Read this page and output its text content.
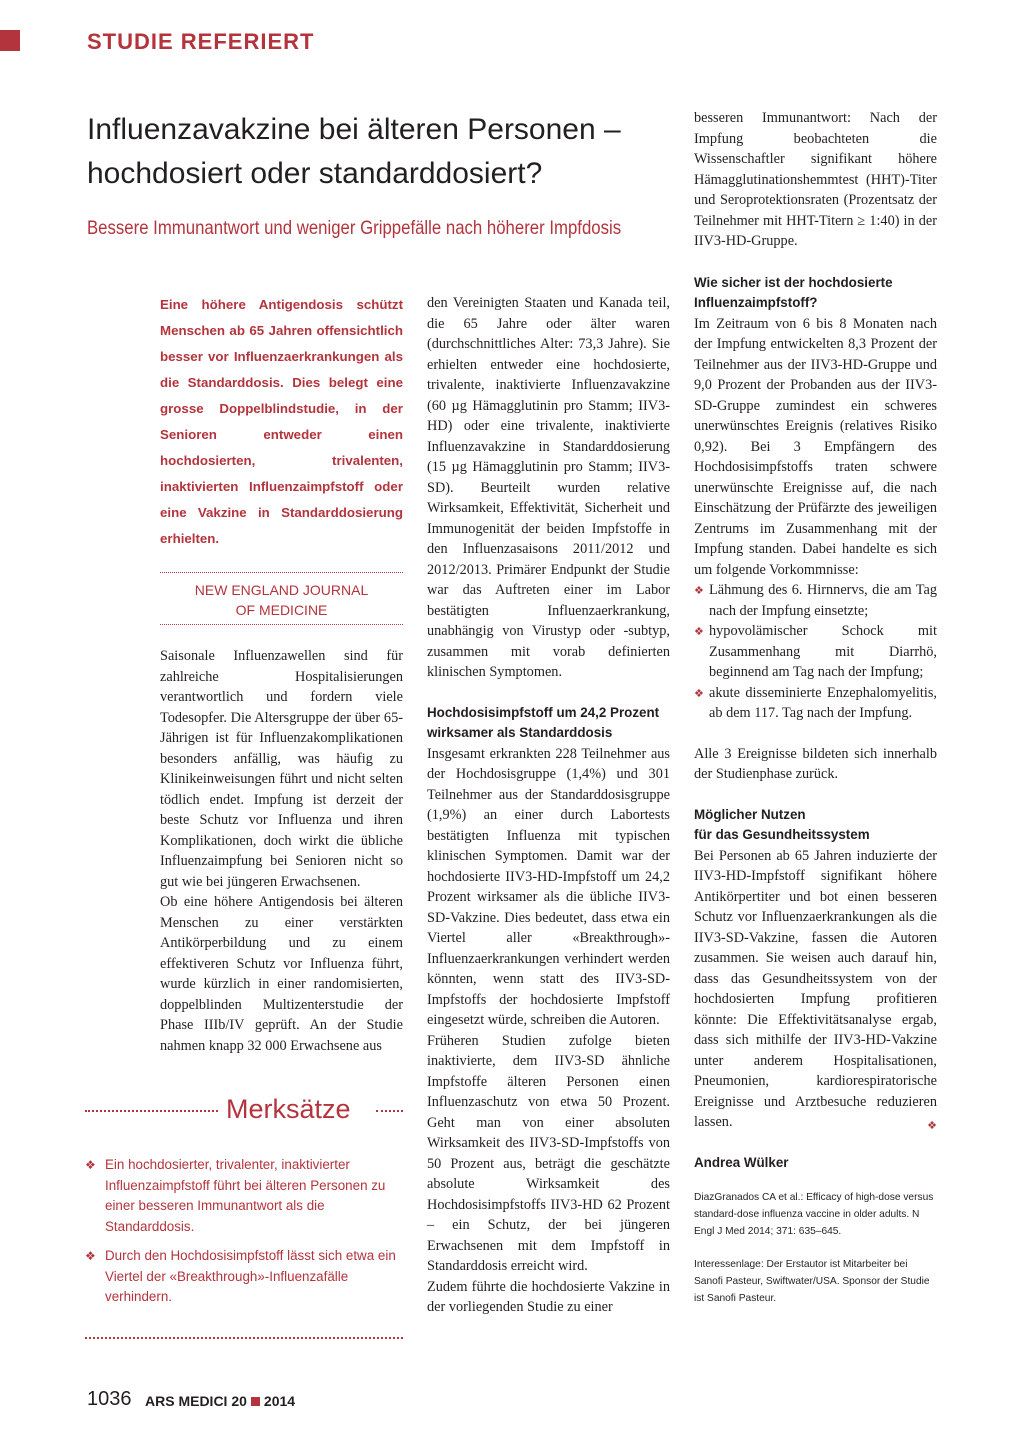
STUDIE REFERIERT
Influenzavakzine bei älteren Personen –
hochdosiert oder standarddosiert?
Bessere Immunantwort und weniger Grippefälle nach höherer Impfdosis
Eine höhere Antigendosis schützt Menschen ab 65 Jahren offensichtlich besser vor Influenzaerkrankungen als die Standarddosis. Dies belegt eine grosse Doppelblindstudie, in der Senioren entweder einen hochdosierten, trivalenten, inaktivierten Influenzaimpfstoff oder eine Vakzine in Standarddosierung erhielten.
NEW ENGLAND JOURNAL
OF MEDICINE

Saisonale Influenzawellen sind für zahlreiche Hospitalisierungen verantwortlich und fordern viele Todesopfer. Die Altersgruppe der über 65-Jährigen ist für Influenzakomplikationen besonders anfällig, was häufig zu Klinikeinweisungen führt und nicht selten tödlich endet. Impfung ist derzeit der beste Schutz vor Influenza und ihren Komplikationen, doch wirkt die übliche Influenzaimpfung bei Senioren nicht so gut wie bei jüngeren Erwachsenen.

Ob eine höhere Antigendosis bei älteren Menschen zu einer verstärkten Antikörperbildung und zu einem effektiveren Schutz vor Influenza führt, wurde kürzlich in einer randomisierten, doppelblinden Multizenterstudie der Phase IIIb/IV geprüft. An der Studie nahmen knapp 32 000 Erwachsene aus

Merksätze
❖ Ein hochdosierter, trivalenter, inaktivierter Influenzaimpfstoff führt bei älteren Personen zu einer besseren Immunantwort als die Standarddosis.
❖ Durch den Hochdosisimpfstoff lässt sich etwa ein Viertel der «Breakthrough»-Influenzafälle verhindern.

den Vereinigten Staaten und Kanada teil, die 65 Jahre oder älter waren (durchschnittliches Alter: 73,3 Jahre). Sie erhielten entweder eine hochdosierte, trivalente, inaktivierte Influenzavakzine (60 µg Hämagglutinin pro Stamm; IIV3-HD) oder eine trivalente, inaktivierte Influenzavakzine in Standarddosierung (15 µg Hämagglutinin pro Stamm; IIV3-SD). Beurteilt wurden relative Wirksamkeit, Effektivität, Sicherheit und Immunogenität der beiden Impfstoffe in den Influenzasaisons 2011/2012 und 2012/2013. Primärer Endpunkt der Studie war das Auftreten einer im Labor bestätigten Influenzaerkrankung, unabhängig von Virustyp oder -subtyp, zusammen mit vorab definierten klinischen Symptomen.

Hochdosisimpfstoff um 24,2 Prozent
wirksamer als Standarddosis

Insgesamt erkrankten 228 Teilnehmer aus der Hochdosisgruppe (1,4%) und 301 Teilnehmer aus der Standarddosisgruppe (1,9%) an einer durch Labortests bestätigten Influenza mit typischen klinischen Symptomen. Damit war der hochdosierte IIV3-HD-Impfstoff um 24,2 Prozent wirksamer als die übliche IIV3-SD-Vakzine. Dies bedeutet, dass etwa ein Viertel aller «Breakthrough»-Influenzaerkrankungen verhindert werden könnten, wenn statt des IIV3-SD-Impfstoffs der hochdosierte Impfstoff eingesetzt würde, schreiben die Autoren.

Früheren Studien zufolge bieten inaktivierte, dem IIV3-SD ähnliche Impfstoffe älteren Personen einen Influenzaschutz von etwa 50 Prozent. Geht man von einer absoluten Wirksamkeit des IIV3-SD-Impfstoffs von 50 Prozent aus, beträgt die geschätzte absolute Wirksamkeit des Hochdosisimpfstoffs IIV3-HD 62 Prozent – ein Schutz, der bei jüngeren Erwachsenen mit dem Impfstoff in Standarddosis erreicht wird.

Zudem führte die hochdosierte Vakzine in der vorliegenden Studie zu einer

besseren Immunantwort: Nach der Impfung beobachteten die Wissenschaftler signifikant höhere Hämagglutinationshemmtest (HHT)-Titer und Seroprotektionsraten (Prozentsatz der Teilnehmer mit HHT-Titern ≥ 1:40) in der IIV3-HD-Gruppe.

Wie sicher ist der hochdosierte
Influenzaimpfstoff?

Im Zeitraum von 6 bis 8 Monaten nach der Impfung entwickelten 8,3 Prozent der Teilnehmer aus der IIV3-HD-Gruppe und 9,0 Prozent der Probanden aus der IIV3-SD-Gruppe zumindest ein schweres unerwünschtes Ereignis (relatives Risiko 0,92). Bei 3 Empfängern des Hochdosisimpfstoffs traten schwere unerwünschte Ereignisse auf, die nach Einschätzung der Prüfärzte des jeweiligen Zentrums im Zusammenhang mit der Impfung standen. Dabei handelte es sich um folgende Vorkommnisse:

❖ Lähmung des 6. Hirnnervs, die am Tag nach der Impfung einsetzte;
❖ hypovolämischer Schock mit Zusammenhang mit Diarrhö, beginnend am Tag nach der Impfung;
❖ akute disseminierte Enzephalomyelitis, ab dem 117. Tag nach der Impfung.

Alle 3 Ereignisse bildeten sich innerhalb der Studienphase zurück.

Möglicher Nutzen
für das Gesundheitssystem

Bei Personen ab 65 Jahren induzierte der IIV3-HD-Impfstoff signifikant höhere Antikörpertiter und bot einen besseren Schutz vor Influenzaerkrankungen als die IIV3-SD-Vakzine, fassen die Autoren zusammen. Sie weisen auch darauf hin, dass das Gesundheitssystem von der hochdosierten Impfung profitieren könnte: Die Effektivitätsanalyse ergab, dass sich mithilfe der IIV3-HD-Vakzine unter anderem Hospitalisationen, Pneumonien, kardiorespiratorische Ereignisse und Arztbesuche reduzieren lassen.	❖

Andrea Wülker

DiazGranados CA et al.: Efficacy of high-dose versus standard-dose influenza vaccine in older adults. N Engl J Med 2014; 371: 635–645.

Interessenlage: Der Erstautor ist Mitarbeiter bei Sanofi Pasteur, Swiftwater/USA. Sponsor der Studie ist Sanofi Pasteur.

1036 ARS MEDICI 20 2014
